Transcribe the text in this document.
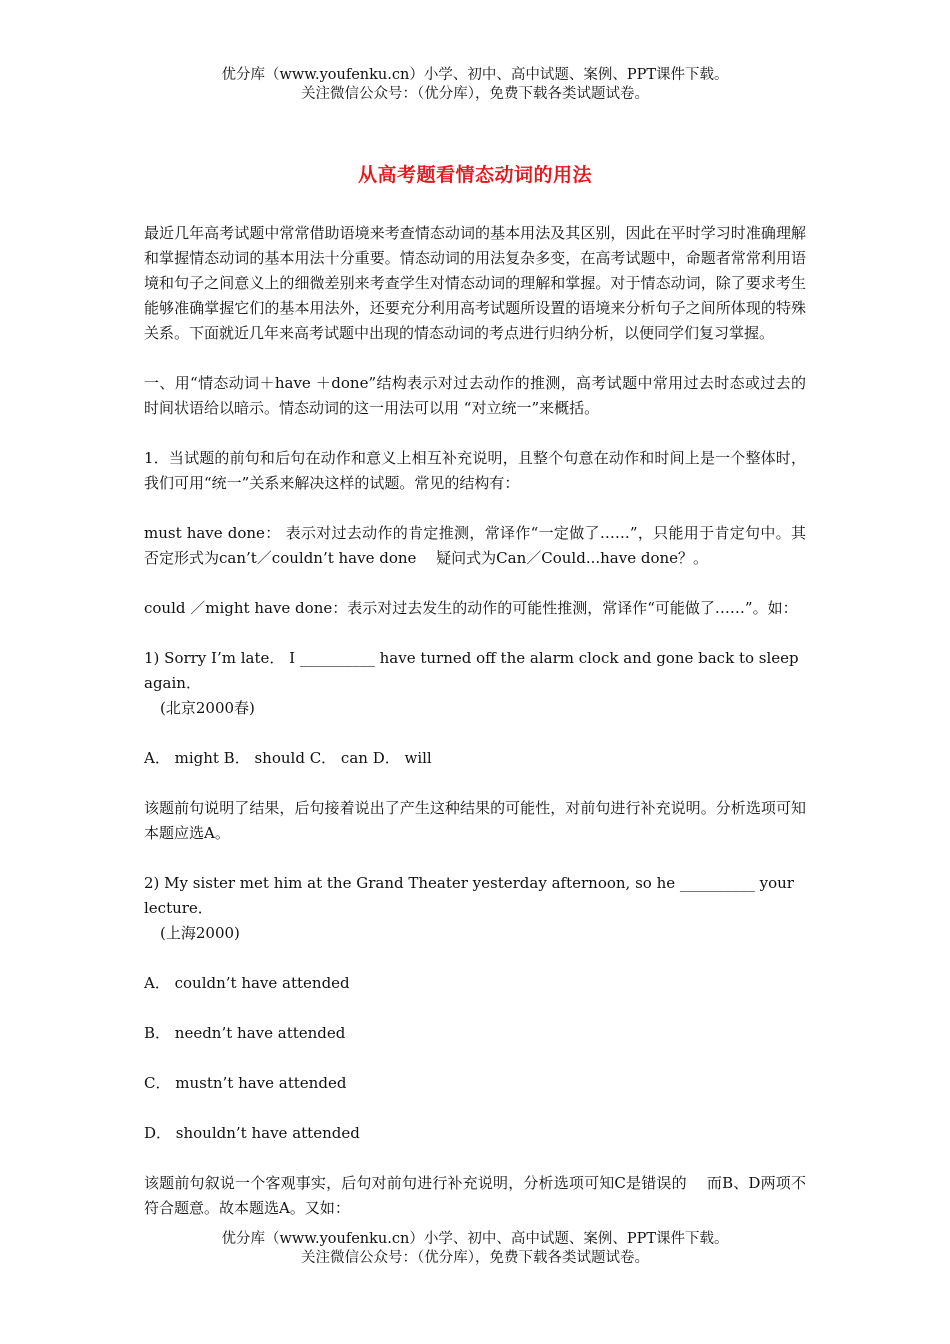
优分库（www.youfenku.cn）小学、初中、高中试题、案例、PPT课件下载。
关注微信公众号：（优分库），免费下载各类试题试卷。
从高考题看情态动词的用法

最近几年高考试题中常常借助语境来考查情态动词的基本用法及其区别，因此在平时学习时准确理解和掌握情态动词的基本用法十分重要。情态动词的用法复杂多变，在高考试题中，命题者常常利用语境和句子之间意义上的细微差别来考查学生对情态动词的理解和掌握。对于情态动词，除了要求考生能够准确掌握它们的基本用法外，还要充分利用高考试题所设置的语境来分析句子之间所体现的特殊关系。下面就近几年来高考试题中出现的情态动词的考点进行归纳分析，以便同学们复习掌握。

一、用“情态动词＋have ＋done”结构表示对过去动作的推测，高考试题中常用过去时态或过去的时间状语给以暗示。情态动词的这一用法可以用 “对立统一”来概括。

1．当试题的前句和后句在动作和意义上相互补充说明，且整个句意在动作和时间上是一个整体时，我们可用“统一”关系来解决这样的试题。常见的结构有：

must have done： 表示对过去动作的肯定推测，常译作“一定做了……”，只能用于肯定句中。其否定形式为can’t／couldn’t have done　 疑问式为Can／Could...have done？。

could ／might have done：表示对过去发生的动作的可能性推测，常译作“可能做了……”。如：

1) Sorry I’m late． I __________ have turned off the alarm clock and gone back to sleep again．
(北京2000春)

A． might B． should C． can D． will

该题前句说明了结果，后句接着说出了产生这种结果的可能性，对前句进行补充说明。分析选项可知本题应选A。

2) My sister met him at the Grand Theater yesterday afternoon, so he __________ your lecture．
(上海2000)

A． couldn’t have attended

B． needn’t have attended

C． mustn’t have attended

D． shouldn’t have attended

该题前句叙说一个客观事实，后句对前句进行补充说明，分析选项可知C是错误的　 而B、D两项不符合题意。故本题选A。又如：

优分库（www.youfenku.cn）小学、初中、高中试题、案例、PPT课件下载。
关注微信公众号：（优分库），免费下载各类试题试卷。
